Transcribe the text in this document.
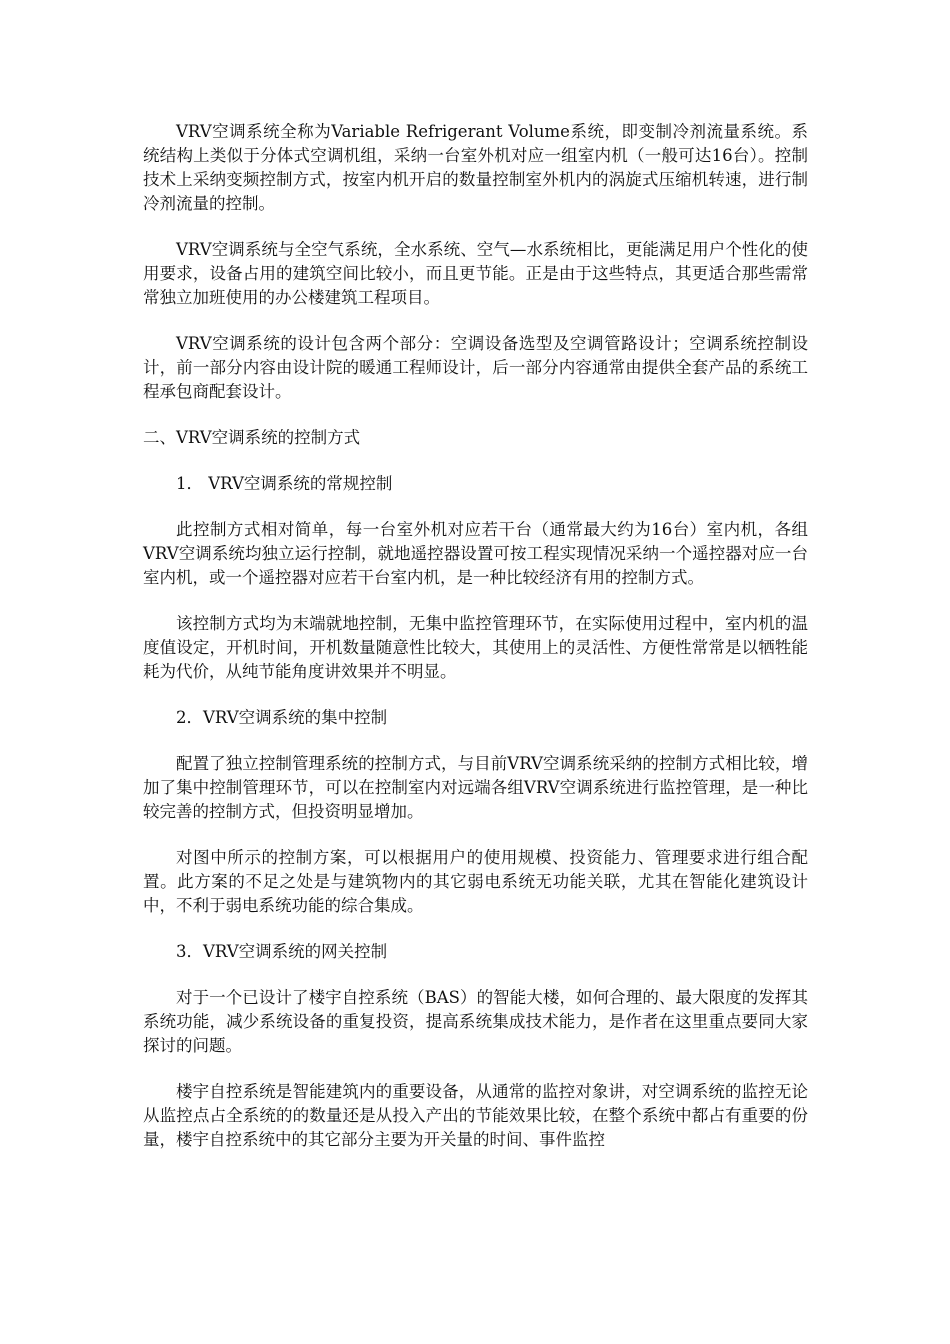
VRV空调系统全称为Variable Refrigerant Volume系统，即变制冷剂流量系统。系统结构上类似于分体式空调机组，采纳一台室外机对应一组室内机（一般可达16台）。控制技术上采纳变频控制方式，按室内机开启的数量控制室外机内的涡旋式压缩机转速，进行制冷剂流量的控制。

VRV空调系统与全空气系统，全水系统、空气—水系统相比，更能满足用户个性化的使用要求，设备占用的建筑空间比较小，而且更节能。正是由于这些特点，其更适合那些需常常独立加班使用的办公楼建筑工程项目。

VRV空调系统的设计包含两个部分：空调设备选型及空调管路设计；空调系统控制设计，前一部分内容由设计院的暖通工程师设计，后一部分内容通常由提供全套产品的系统工程承包商配套设计。

二、VRV空调系统的控制方式

1． VRV空调系统的常规控制

此控制方式相对简单，每一台室外机对应若干台（通常最大约为16台）室内机，各组VRV空调系统均独立运行控制，就地遥控器设置可按工程实现情况采纳一个遥控器对应一台室内机，或一个遥控器对应若干台室内机，是一种比较经济有用的控制方式。

该控制方式均为末端就地控制，无集中监控管理环节，在实际使用过程中，室内机的温度值设定，开机时间，开机数量随意性比较大，其使用上的灵活性、方便性常常是以牺牲能耗为代价，从纯节能角度讲效果并不明显。

2．VRV空调系统的集中控制

配置了独立控制管理系统的控制方式，与目前VRV空调系统采纳的控制方式相比较，增加了集中控制管理环节，可以在控制室内对远端各组VRV空调系统进行监控管理，是一种比较完善的控制方式，但投资明显增加。

对图中所示的控制方案，可以根据用户的使用规模、投资能力、管理要求进行组合配置。此方案的不足之处是与建筑物内的其它弱电系统无功能关联，尤其在智能化建筑设计中，不利于弱电系统功能的综合集成。

3．VRV空调系统的网关控制

对于一个已设计了楼宇自控系统（BAS）的智能大楼，如何合理的、最大限度的发挥其系统功能，减少系统设备的重复投资，提高系统集成技术能力，是作者在这里重点要同大家探讨的问题。

楼宇自控系统是智能建筑内的重要设备，从通常的监控对象讲，对空调系统的监控无论从监控点占全系统的的数量还是从投入产出的节能效果比较，在整个系统中都占有重要的份量，楼宇自控系统中的其它部分主要为开关量的时间、事件监控
